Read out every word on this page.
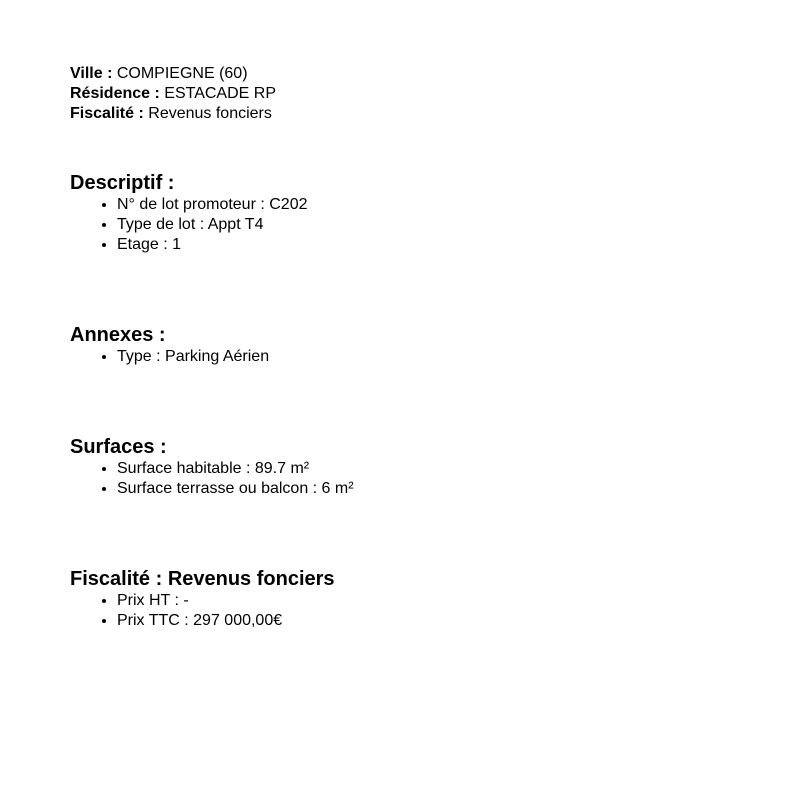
Ville : COMPIEGNE (60)

Résidence : ESTACADE RP

Fiscalité : Revenus fonciers

Descriptif :
• N° de lot promoteur : C202
• Type de lot : Appt T4
• Etage : 1
Annexes :
• Type : Parking Aérien
Surfaces :
• Surface habitable : 89.7 m²
• Surface terrasse ou balcon : 6 m²
Fiscalité : Revenus fonciers
• Prix HT : -
• Prix TTC : 297 000,00€
